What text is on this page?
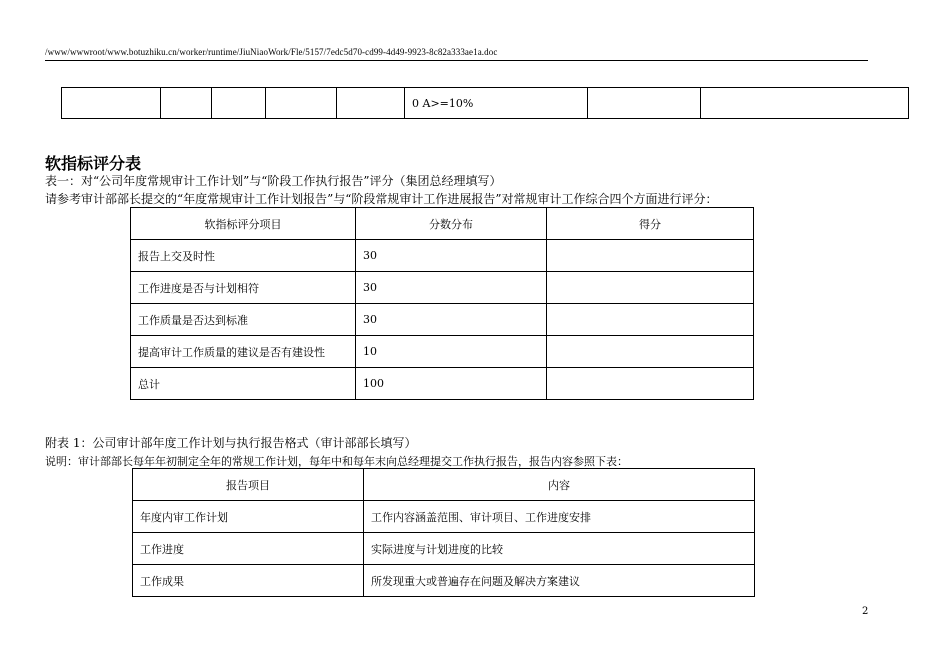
/www/wwwroot/www.botuzhiku.cn/worker/runtime/JiuNiaoWork/Fle/5157/7edc5d70-cd99-4d49-9923-8c82a333ae1a.doc
					0 A>=10%		
软指标评分表
表一：对“公司年度常规审计工作计划”与“阶段工作执行报告”评分（集团总经理填写）
请参考审计部部长提交的“年度常规审计工作计划报告”与“阶段常规审计工作进展报告”对常规审计工作综合四个方面进行评分：
软指标评分项目	分数分布	得分
报告上交及时性	30	
工作进度是否与计划相符	30	
工作质量是否达到标准	30	
提高审计工作质量的建议是否有建设性	10	
总计	100	
附表 1：公司审计部年度工作计划与执行报告格式（审计部部长填写）
说明：审计部部长每年年初制定全年的常规工作计划，每年中和每年末向总经理提交工作执行报告，报告内容参照下表：
报告项目	内容
年度内审工作计划	工作内容涵盖范围、审计项目、工作进度安排
工作进度	实际进度与计划进度的比较
工作成果	所发现重大或普遍存在问题及解决方案建议
2
